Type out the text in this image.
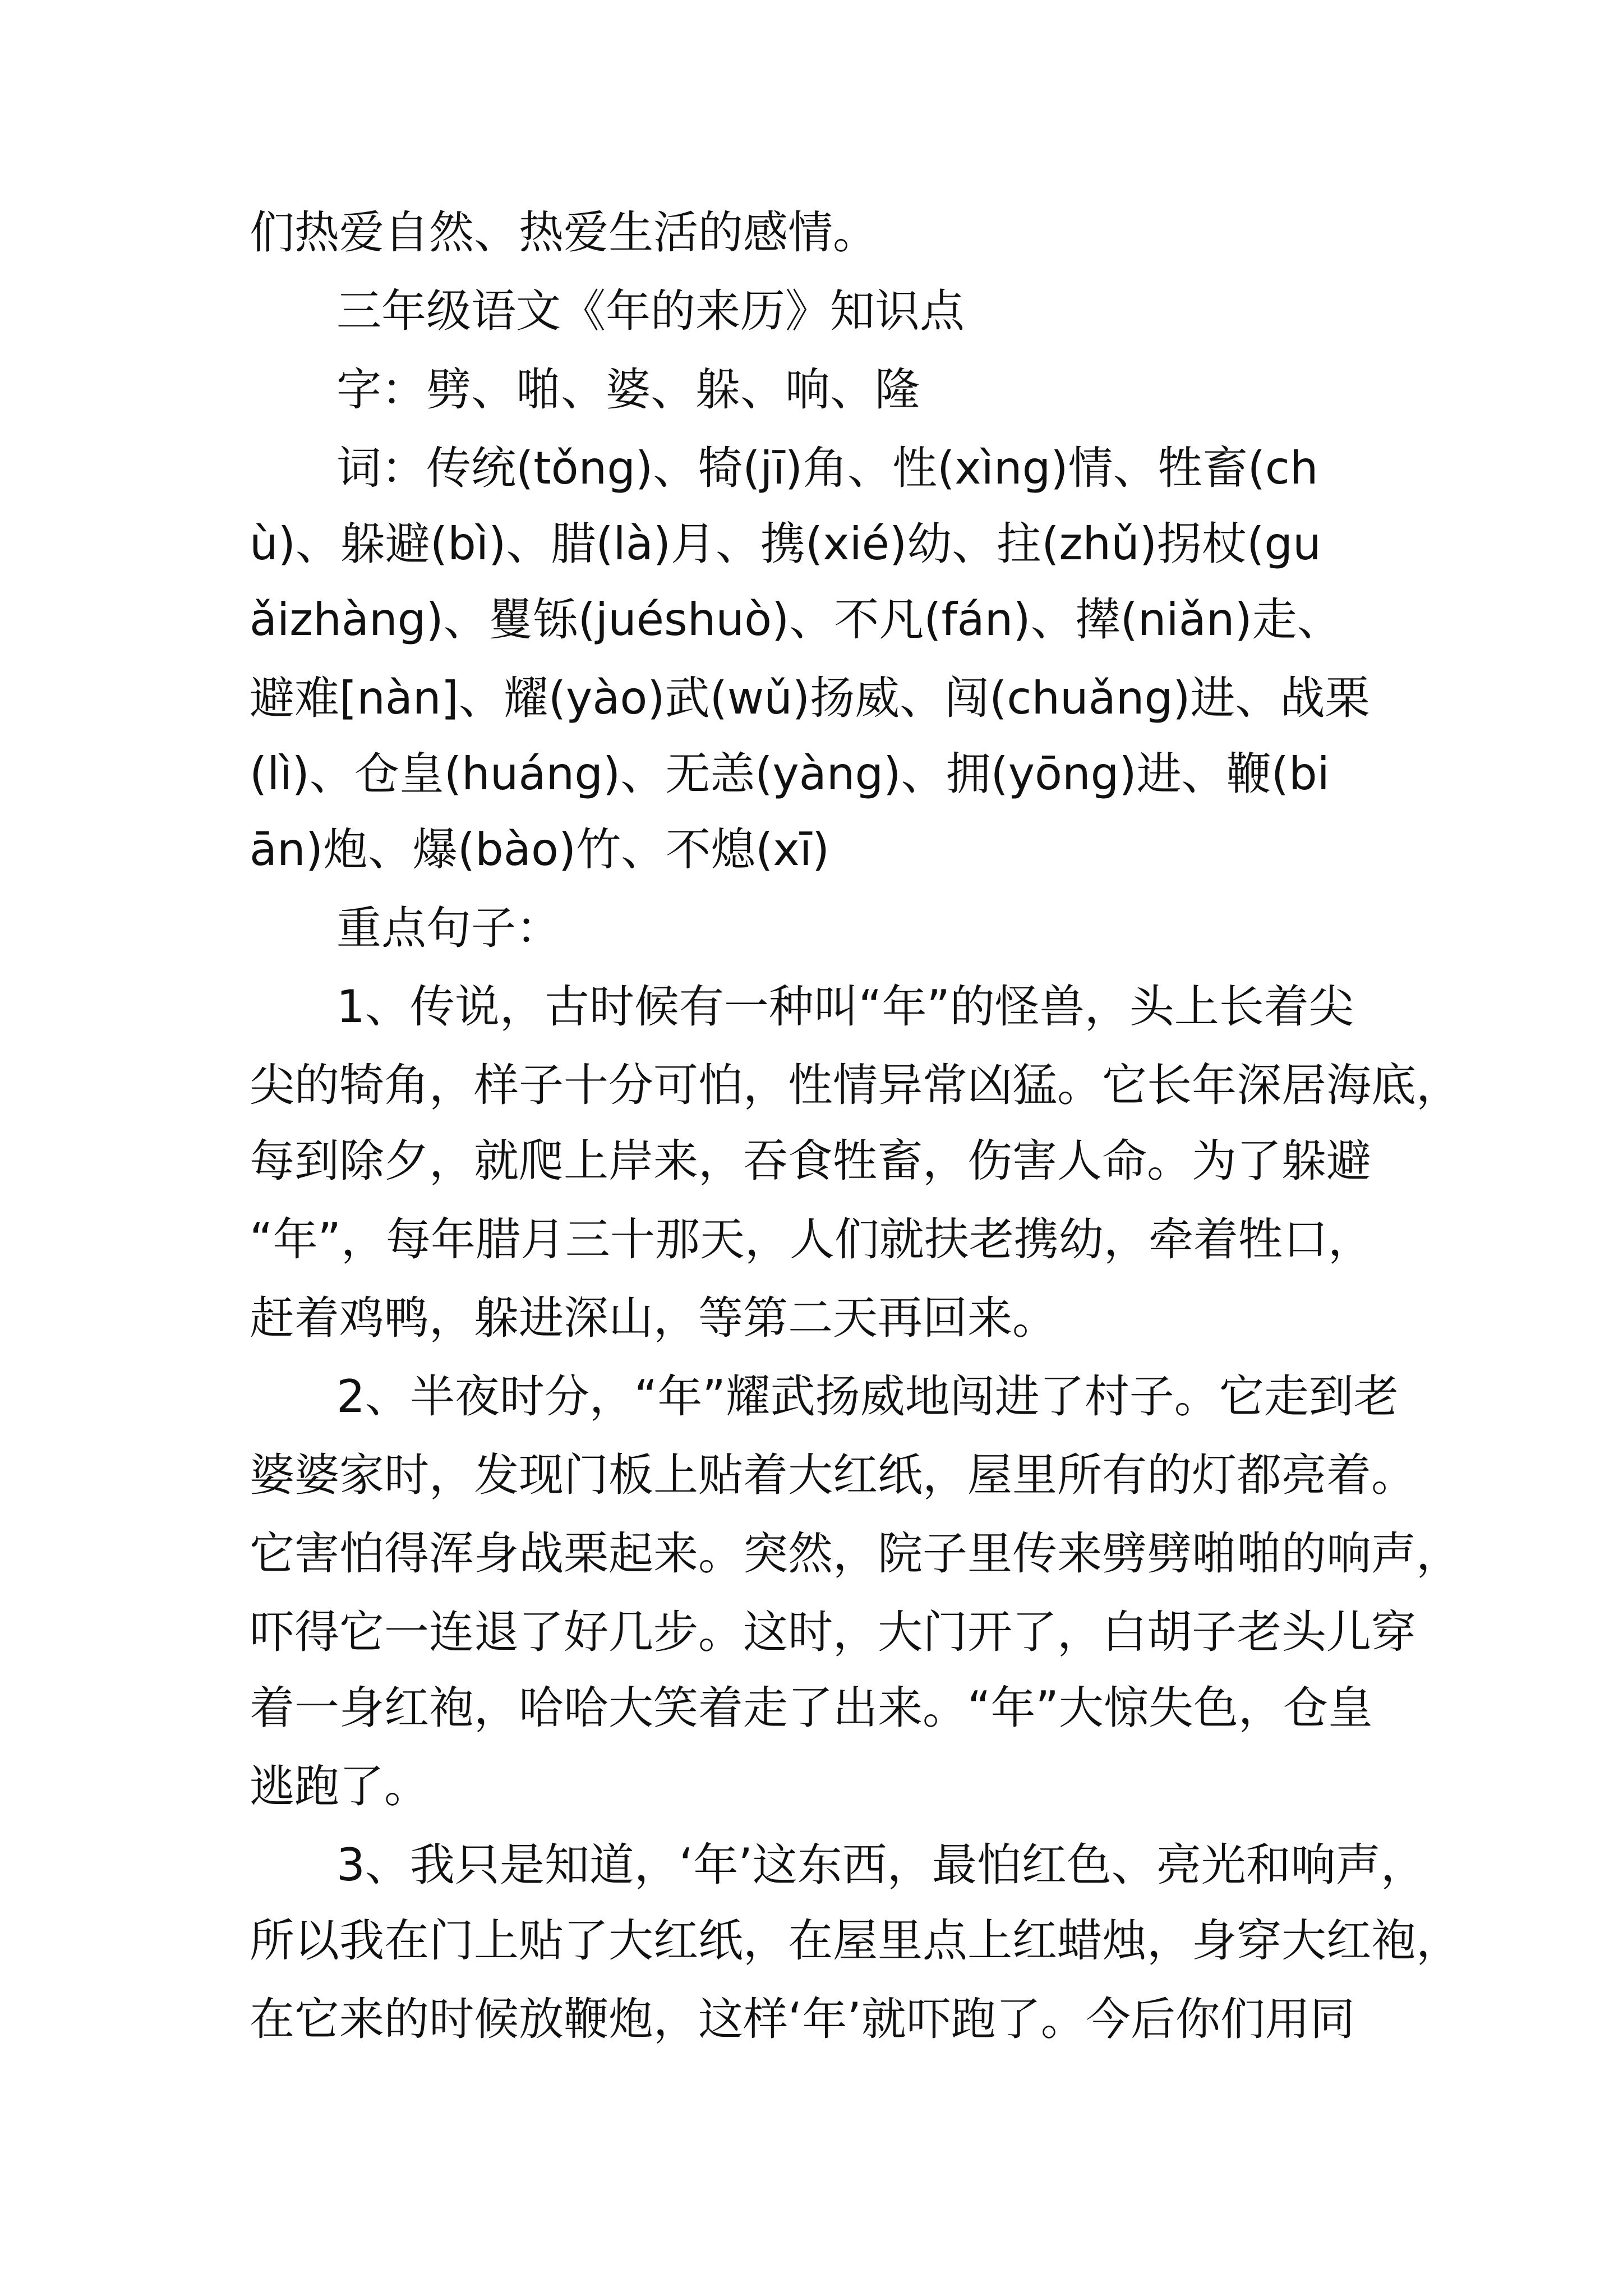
们热爱自然、热爱生活的感情。
三年级语文《年的来历》知识点
字：劈、啪、婆、躲、响、隆
词：传统(tǒng)、犄(jī)角、性(xìng)情、牲畜(ch
ù)、躲避(bì)、腊(là)月、携(xié)幼、拄(zhǔ)拐杖(gu
ǎizhàng)、矍铄(juéshuò)、不凡(fán)、撵(niǎn)走、
避难[nàn]、耀(yào)武(wǔ)扬威、闯(chuǎng)进、战栗
(lì)、仓皇(huáng)、无恙(yàng)、拥(yōng)进、鞭(bi
ān)炮、爆(bào)竹、不熄(xī)
重点句子：
1、传说，古时候有一种叫“年”的怪兽，头上长着尖
尖的犄角，样子十分可怕，性情异常凶猛。它长年深居海底，
每到除夕，就爬上岸来，吞食牲畜，伤害人命。为了躲避
“年”，每年腊月三十那天，人们就扶老携幼，牵着牲口，
赶着鸡鸭，躲进深山，等第二天再回来。
2、半夜时分，“年”耀武扬威地闯进了村子。它走到老
婆婆家时，发现门板上贴着大红纸，屋里所有的灯都亮着。
它害怕得浑身战栗起来。突然，院子里传来劈劈啪啪的响声，
吓得它一连退了好几步。这时，大门开了，白胡子老头儿穿
着一身红袍，哈哈大笑着走了出来。“年”大惊失色，仓皇
逃跑了。
3、我只是知道，‘年’这东西，最怕红色、亮光和响声，
所以我在门上贴了大红纸，在屋里点上红蜡烛，身穿大红袍，
在它来的时候放鞭炮，这样‘年’就吓跑了。今后你们用同
